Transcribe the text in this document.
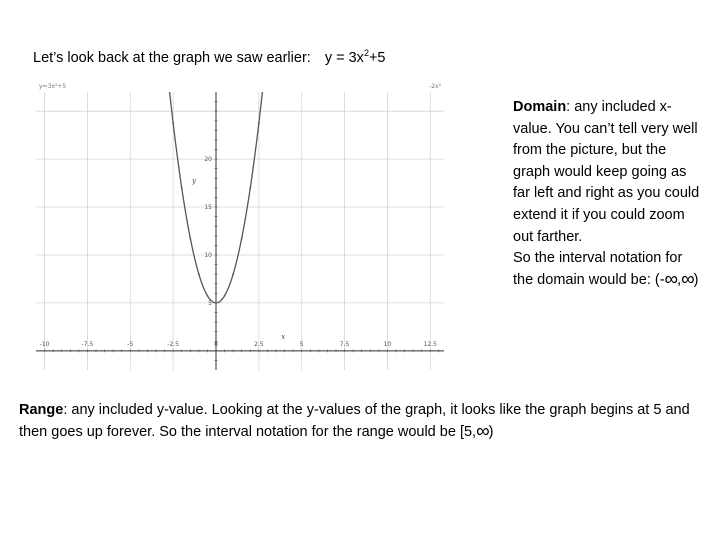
Let’s look back at the graph we saw earlier: $y = 3x^2+5$
-10	-7.5	-5	-2.5	0	2.5	5	7.5	10	12.5
5
10
15
20
x
y
y=3x²+5	-2x²
Domain: any included x-value. You can’t tell very well from the picture, but the graph would keep going as far left and right as you could extend it if you could zoom out farther.
So the interval notation for the domain would be: (-∞,∞)
Range: any included y-value. Looking at the y-values of the graph, it looks like the graph begins at 5 and then goes up forever. So the interval notation for the range would be [5,∞)
